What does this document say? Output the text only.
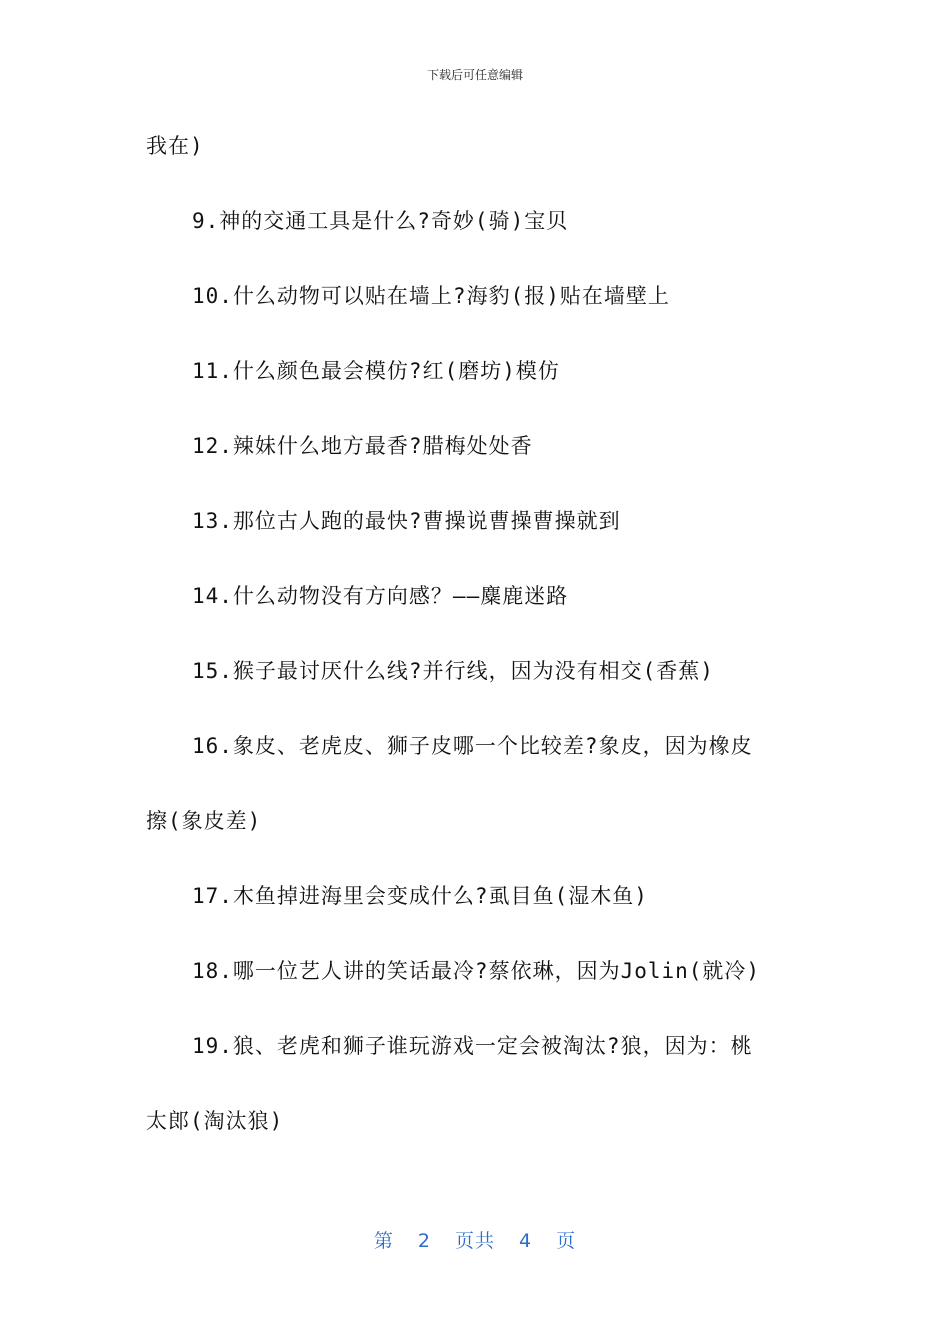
下载后可任意编辑
我在)
9.神的交通工具是什么?奇妙(骑)宝贝
10.什么动物可以贴在墙上?海豹(报)贴在墙壁上
11.什么颜色最会模仿?红(磨坊)模仿
12.辣妹什么地方最香?腊梅处处香
13.那位古人跑的最快?曹操说曹操曹操就到
14.什么动物没有方向感？——麋鹿迷路
15.猴子最讨厌什么线?并行线，因为没有相交(香蕉)
16.象皮、老虎皮、狮子皮哪一个比较差?象皮，因为橡皮
擦(象皮差)
17.木鱼掉进海里会变成什么?虱目鱼(湿木鱼)
18.哪一位艺人讲的笑话最冷?蔡依琳，因为Jolin(就冷)
19.狼、老虎和狮子谁玩游戏一定会被淘汰?狼，因为：桃
太郎(淘汰狼)
第 2 页共 4 页
